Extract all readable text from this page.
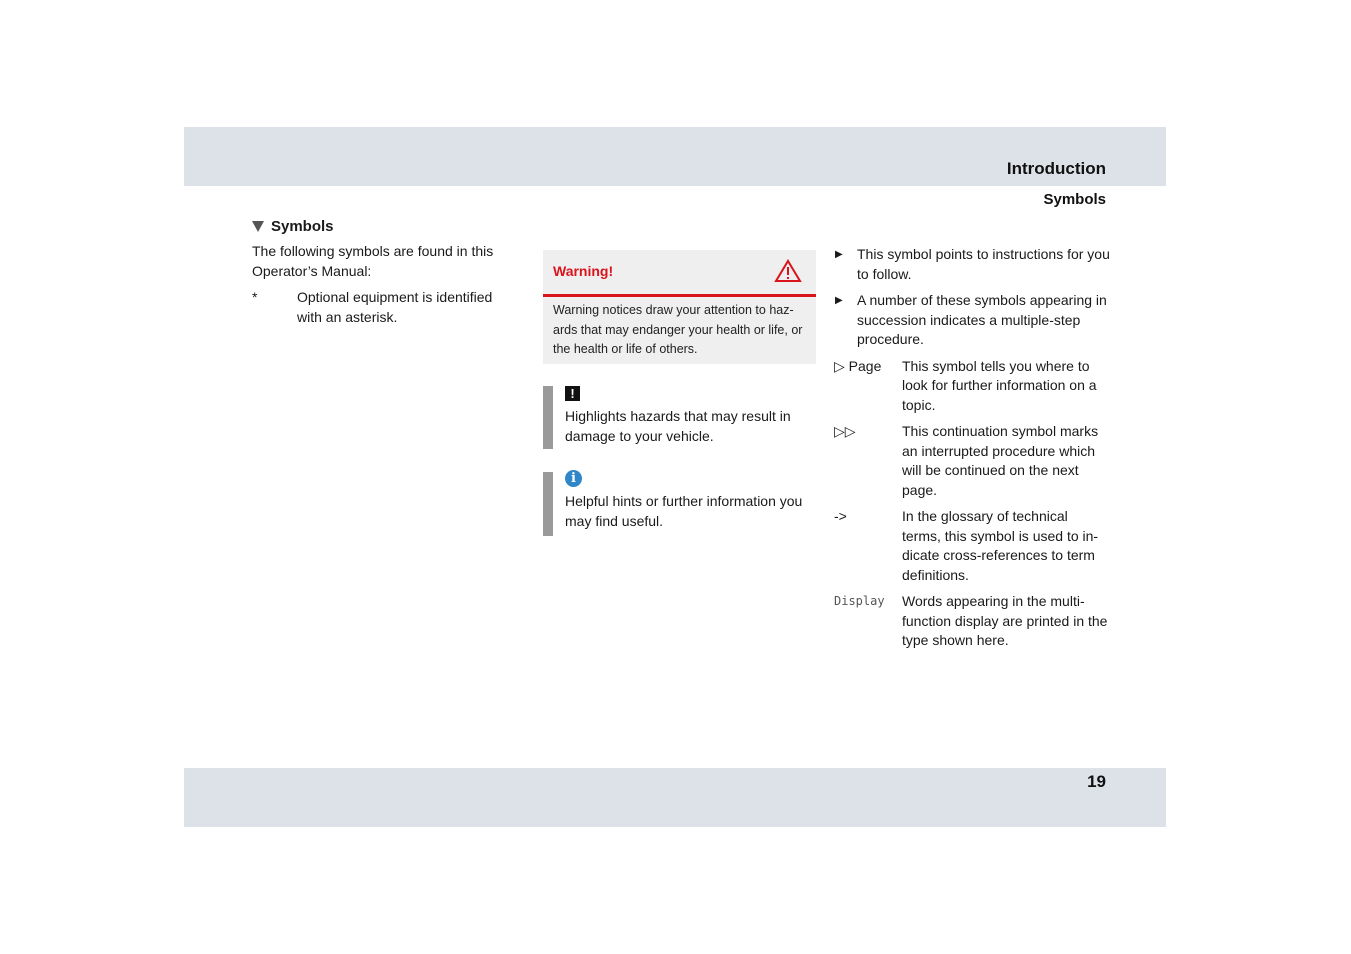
Introduction
Symbols
Symbols
The following symbols are found in this Operator’s Manual:
*	Optional equipment is identified with an asterisk.
Warning!
Warning notices draw your attention to haz-ards that may endanger your health or life, or the health or life of others.
!
Highlights hazards that may result in damage to your vehicle.
i
Helpful hints or further information you may find useful.
▶	This symbol points to instructions for you to follow.
▶	A number of these symbols appearing in succession indicates a multiple-step procedure.
▷ Page	This symbol tells you where to look for further information on a topic.
▷▷	This continuation symbol marks an interrupted procedure which will be continued on the next page.
->	In the glossary of technical terms, this symbol is used to in-dicate cross-references to term definitions.
Display	Words appearing in the multi-function display are printed in the type shown here.
19
